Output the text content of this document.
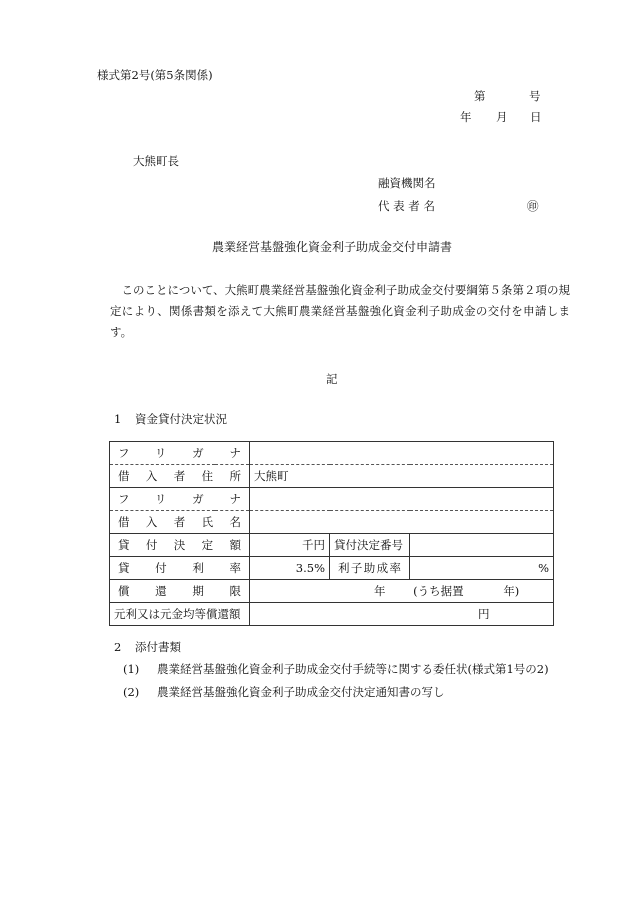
様式第2号(第5条関係)
第	号
年 月 日
大熊町長
融資機関名
代 表 者 名	㊞
農業経営基盤強化資金利子助成金交付申請書
このことについて、大熊町農業経営基盤強化資金利子助成金交付要綱第５条第２項の規定により、関係書類を添えて大熊町農業経営基盤強化資金利子助成金の交付を申請します。
記
1 資金貸付決定状況
フリガナ			
借入者住所	大熊町		
フリガナ			
借入者氏名			
貸付決定額	千円	貸付決定番号	
貸付利率	3.5%	利子助成率	%
償還期限	年 (うち据置 年)		
元利又は元金均等償還額	円		
2 添付書類
(1) 農業経営基盤強化資金利子助成金交付手続等に関する委任状(様式第1号の2)
(2) 農業経営基盤強化資金利子助成金交付決定通知書の写し
